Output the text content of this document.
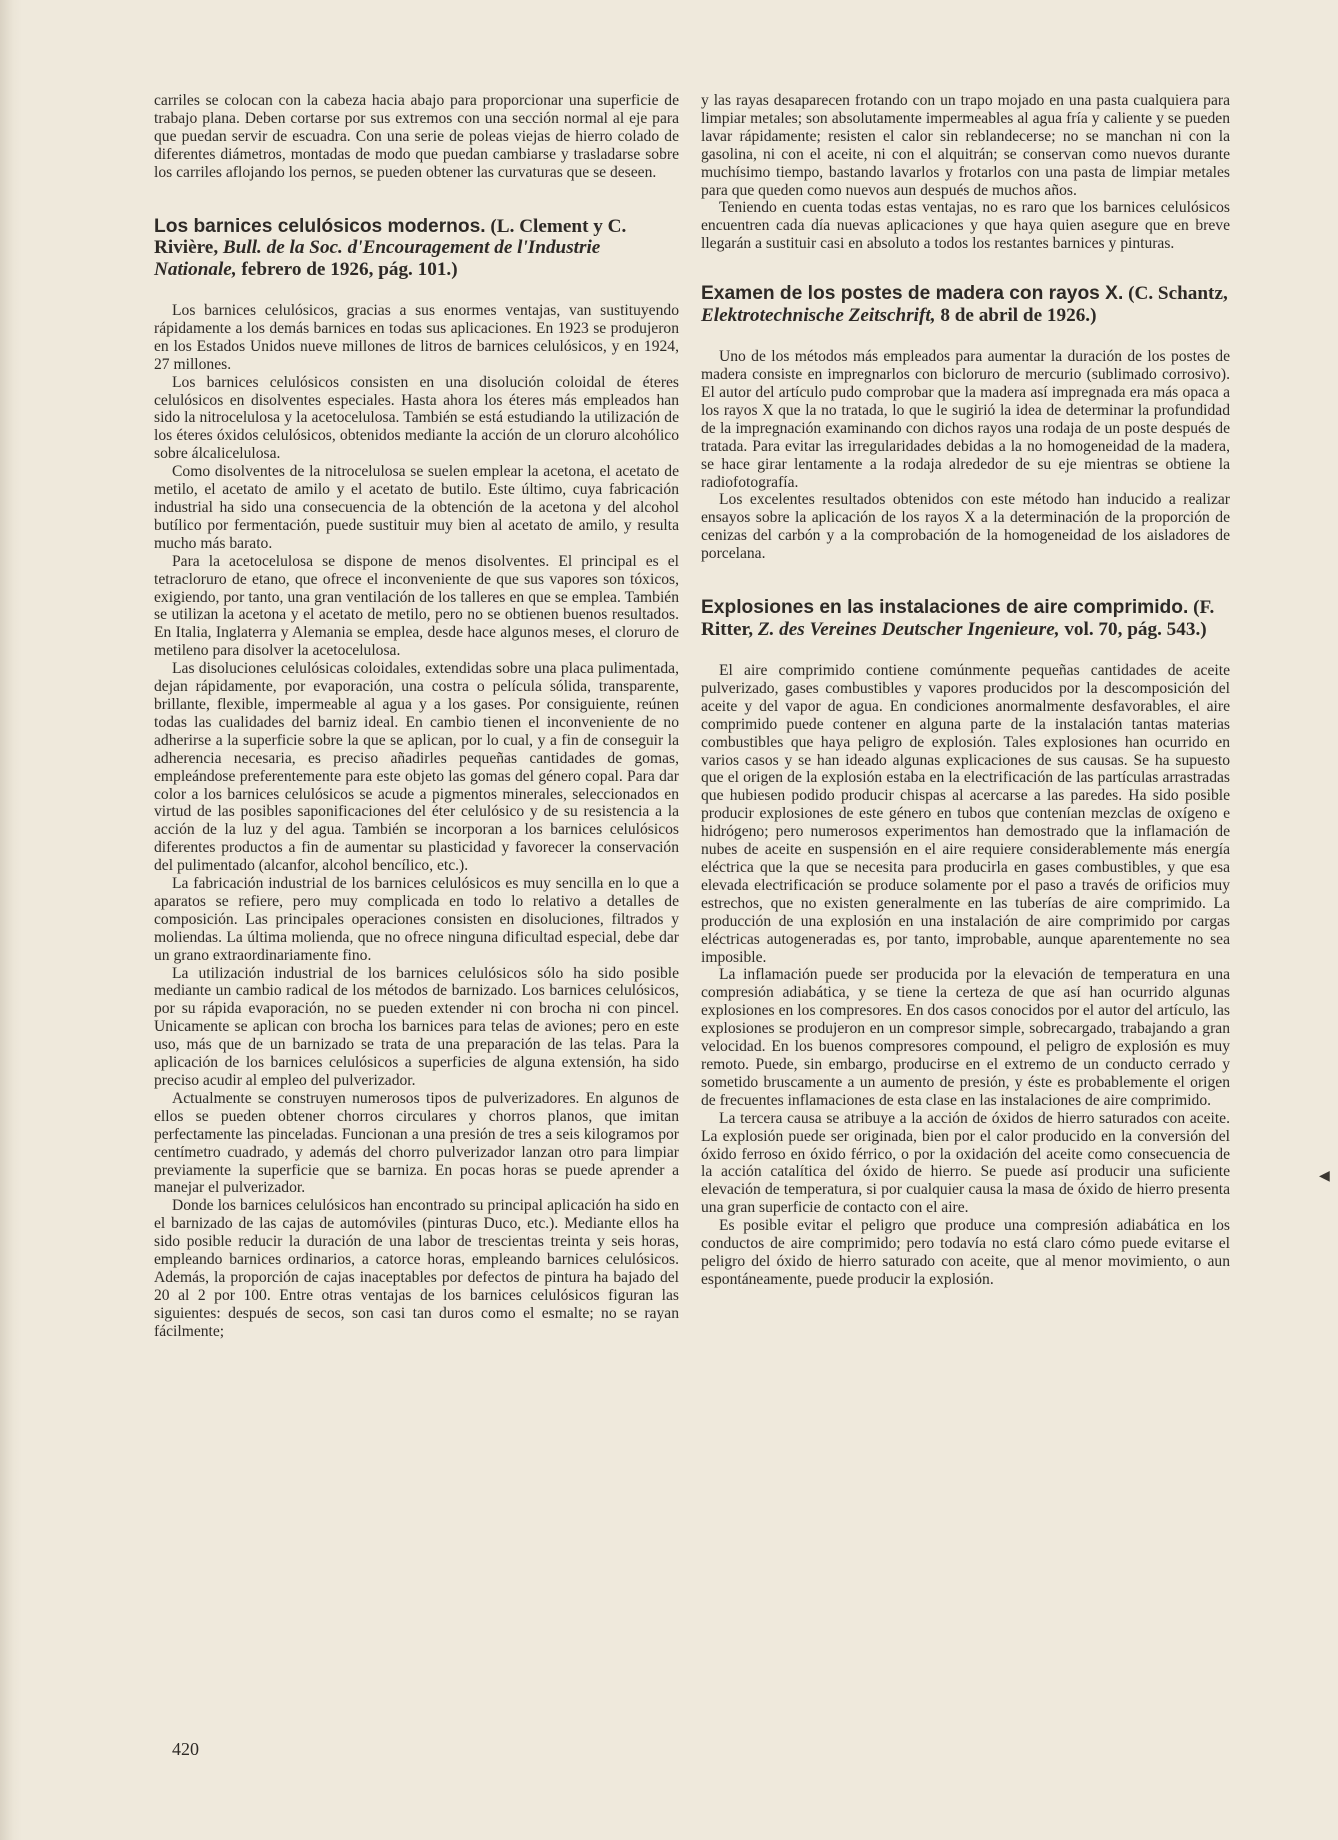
carriles se colocan con la cabeza hacia abajo para proporcionar una superficie de trabajo plana. Deben cortarse por sus extremos con una sección normal al eje para que puedan servir de escuadra. Con una serie de poleas viejas de hierro colado de diferentes diámetros, montadas de modo que puedan cambiarse y trasladarse sobre los carriles aflojando los pernos, se pueden obtener las curvaturas que se deseen.

Los barnices celulósicos modernos. (L. Clement y C. Rivière, Bull. de la Soc. d'Encouragement de l'Industrie Nationale, febrero de 1926, pág. 101.)

Los barnices celulósicos, gracias a sus enormes ventajas, van sustituyendo rápidamente a los demás barnices en todas sus aplicaciones. En 1923 se produjeron en los Estados Unidos nueve millones de litros de barnices celulósicos, y en 1924, 27 millones.

Los barnices celulósicos consisten en una disolución coloidal de éteres celulósicos en disolventes especiales. Hasta ahora los éteres más empleados han sido la nitrocelulosa y la acetocelulosa. También se está estudiando la utilización de los éteres óxidos celulósicos, obtenidos mediante la acción de un cloruro alcohólico sobre álcalicelulosa.

Como disolventes de la nitrocelulosa se suelen emplear la acetona, el acetato de metilo, el acetato de amilo y el acetato de butilo. Este último, cuya fabricación industrial ha sido una consecuencia de la obtención de la acetona y del alcohol butílico por fermentación, puede sustituir muy bien al acetato de amilo, y resulta mucho más barato.

Para la acetocelulosa se dispone de menos disolventes. El principal es el tetracloruro de etano, que ofrece el inconveniente de que sus vapores son tóxicos, exigiendo, por tanto, una gran ventilación de los talleres en que se emplea. También se utilizan la acetona y el acetato de metilo, pero no se obtienen buenos resultados. En Italia, Inglaterra y Alemania se emplea, desde hace algunos meses, el cloruro de metileno para disolver la acetocelulosa.

Las disoluciones celulósicas coloidales, extendidas sobre una placa pulimentada, dejan rápidamente, por evaporación, una costra o película sólida, transparente, brillante, flexible, impermeable al agua y a los gases. Por consiguiente, reúnen todas las cualidades del barniz ideal. En cambio tienen el inconveniente de no adherirse a la superficie sobre la que se aplican, por lo cual, y a fin de conseguir la adherencia necesaria, es preciso añadirles pequeñas cantidades de gomas, empleándose preferentemente para este objeto las gomas del género copal. Para dar color a los barnices celulósicos se acude a pigmentos minerales, seleccionados en virtud de las posibles saponificaciones del éter celulósico y de su resistencia a la acción de la luz y del agua. También se incorporan a los barnices celulósicos diferentes productos a fin de aumentar su plasticidad y favorecer la conservación del pulimentado (alcanfor, alcohol bencílico, etc.).

La fabricación industrial de los barnices celulósicos es muy sencilla en lo que a aparatos se refiere, pero muy complicada en todo lo relativo a detalles de composición. Las principales operaciones consisten en disoluciones, filtrados y moliendas. La última molienda, que no ofrece ninguna dificultad especial, debe dar un grano extraordinariamente fino.

La utilización industrial de los barnices celulósicos sólo ha sido posible mediante un cambio radical de los métodos de barnizado. Los barnices celulósicos, por su rápida evaporación, no se pueden extender ni con brocha ni con pincel. Unicamente se aplican con brocha los barnices para telas de aviones; pero en este uso, más que de un barnizado se trata de una preparación de las telas. Para la aplicación de los barnices celulósicos a superficies de alguna extensión, ha sido preciso acudir al empleo del pulverizador.

Actualmente se construyen numerosos tipos de pulverizadores. En algunos de ellos se pueden obtener chorros circulares y chorros planos, que imitan perfectamente las pinceladas. Funcionan a una presión de tres a seis kilogramos por centímetro cuadrado, y además del chorro pulverizador lanzan otro para limpiar previamente la superficie que se barniza. En pocas horas se puede aprender a manejar el pulverizador.

Donde los barnices celulósicos han encontrado su principal aplicación ha sido en el barnizado de las cajas de automóviles (pinturas Duco, etc.). Mediante ellos ha sido posible reducir la duración de una labor de trescientas treinta y seis horas, empleando barnices ordinarios, a catorce horas, empleando barnices celulósicos. Además, la proporción de cajas inaceptables por defectos de pintura ha bajado del 20 al 2 por 100. Entre otras ventajas de los barnices celulósicos figuran las siguientes: después de secos, son casi tan duros como el esmalte; no se rayan fácilmente;

y las rayas desaparecen frotando con un trapo mojado en una pasta cualquiera para limpiar metales; son absolutamente impermeables al agua fría y caliente y se pueden lavar rápidamente; resisten el calor sin reblandecerse; no se manchan ni con la gasolina, ni con el aceite, ni con el alquitrán; se conservan como nuevos durante muchísimo tiempo, bastando lavarlos y frotarlos con una pasta de limpiar metales para que queden como nuevos aun después de muchos años.

Teniendo en cuenta todas estas ventajas, no es raro que los barnices celulósicos encuentren cada día nuevas aplicaciones y que haya quien asegure que en breve llegarán a sustituir casi en absoluto a todos los restantes barnices y pinturas.

Examen de los postes de madera con rayos X. (C. Schantz, Elektrotechnische Zeitschrift, 8 de abril de 1926.)

Uno de los métodos más empleados para aumentar la duración de los postes de madera consiste en impregnarlos con bicloruro de mercurio (sublimado corrosivo). El autor del artículo pudo comprobar que la madera así impregnada era más opaca a los rayos X que la no tratada, lo que le sugirió la idea de determinar la profundidad de la impregnación examinando con dichos rayos una rodaja de un poste después de tratada. Para evitar las irregularidades debidas a la no homogeneidad de la madera, se hace girar lentamente a la rodaja alrededor de su eje mientras se obtiene la radiofotografía.

Los excelentes resultados obtenidos con este método han inducido a realizar ensayos sobre la aplicación de los rayos X a la determinación de la proporción de cenizas del carbón y a la comprobación de la homogeneidad de los aisladores de porcelana.

Explosiones en las instalaciones de aire comprimido. (F. Ritter, Z. des Vereines Deutscher Ingenieure, vol. 70, pág. 543.)

El aire comprimido contiene comúnmente pequeñas cantidades de aceite pulverizado, gases combustibles y vapores producidos por la descomposición del aceite y del vapor de agua. En condiciones anormalmente desfavorables, el aire comprimido puede contener en alguna parte de la instalación tantas materias combustibles que haya peligro de explosión. Tales explosiones han ocurrido en varios casos y se han ideado algunas explicaciones de sus causas. Se ha supuesto que el origen de la explosión estaba en la electrificación de las partículas arrastradas que hubiesen podido producir chispas al acercarse a las paredes. Ha sido posible producir explosiones de este género en tubos que contenían mezclas de oxígeno e hidrógeno; pero numerosos experimentos han demostrado que la inflamación de nubes de aceite en suspensión en el aire requiere considerablemente más energía eléctrica que la que se necesita para producirla en gases combustibles, y que esa elevada electrificación se produce solamente por el paso a través de orificios muy estrechos, que no existen generalmente en las tuberías de aire comprimido. La producción de una explosión en una instalación de aire comprimido por cargas eléctricas autogeneradas es, por tanto, improbable, aunque aparentemente no sea imposible.

La inflamación puede ser producida por la elevación de temperatura en una compresión adiabática, y se tiene la certeza de que así han ocurrido algunas explosiones en los compresores. En dos casos conocidos por el autor del artículo, las explosiones se produjeron en un compresor simple, sobrecargado, trabajando a gran velocidad. En los buenos compresores compound, el peligro de explosión es muy remoto. Puede, sin embargo, producirse en el extremo de un conducto cerrado y sometido bruscamente a un aumento de presión, y éste es probablemente el origen de frecuentes inflamaciones de esta clase en las instalaciones de aire comprimido.

La tercera causa se atribuye a la acción de óxidos de hierro saturados con aceite. La explosión puede ser originada, bien por el calor producido en la conversión del óxido ferroso en óxido férrico, o por la oxidación del aceite como consecuencia de la acción catalítica del óxido de hierro. Se puede así producir una suficiente elevación de temperatura, si por cualquier causa la masa de óxido de hierro presenta una gran superficie de contacto con el aire.

Es posible evitar el peligro que produce una compresión adiabática en los conductos de aire comprimido; pero todavía no está claro cómo puede evitarse el peligro del óxido de hierro saturado con aceite, que al menor movimiento, o aun espontáneamente, puede producir la explosión.

420
◀
